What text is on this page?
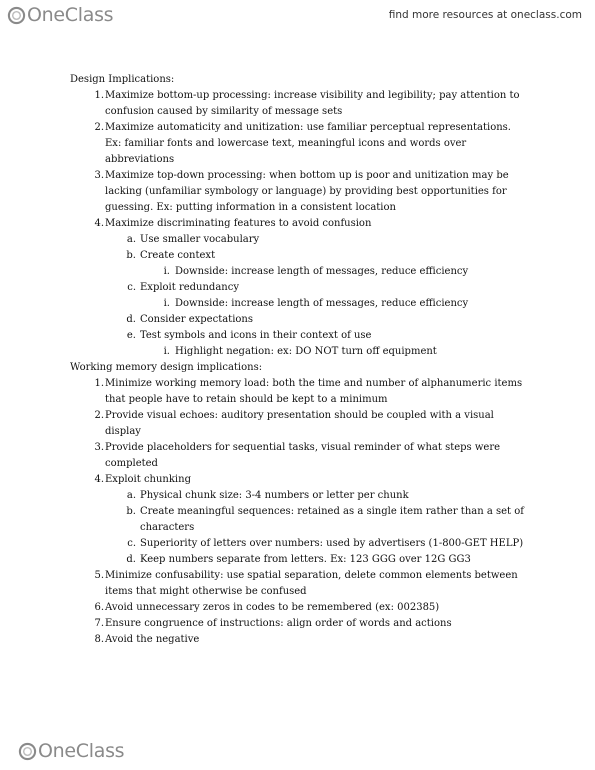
OneClass	find more resources at oneclass.com
Design Implications:
1. Maximize bottom-up processing: increase visibility and legibility; pay attention to confusion caused by similarity of message sets
2. Maximize automaticity and unitization: use familiar perceptual representations. Ex: familiar fonts and lowercase text, meaningful icons and words over abbreviations
3. Maximize top-down processing: when bottom up is poor and unitization may be lacking (unfamiliar symbology or language) by providing best opportunities for guessing. Ex: putting information in a consistent location
4. Maximize discriminating features to avoid confusion
a. Use smaller vocabulary
b. Create context
i. Downside: increase length of messages, reduce efficiency
c. Exploit redundancy
i. Downside: increase length of messages, reduce efficiency
d. Consider expectations
e. Test symbols and icons in their context of use
i. Highlight negation: ex: DO NOT turn off equipment
Working memory design implications:
1. Minimize working memory load: both the time and number of alphanumeric items that people have to retain should be kept to a minimum
2. Provide visual echoes: auditory presentation should be coupled with a visual display
3. Provide placeholders for sequential tasks, visual reminder of what steps were completed
4. Exploit chunking
a. Physical chunk size: 3-4 numbers or letter per chunk
b. Create meaningful sequences: retained as a single item rather than a set of characters
c. Superiority of letters over numbers: used by advertisers (1-800-GET HELP)
d. Keep numbers separate from letters. Ex: 123 GGG over 12G GG3
5. Minimize confusability: use spatial separation, delete common elements between items that might otherwise be confused
6. Avoid unnecessary zeros in codes to be remembered (ex: 002385)
7. Ensure congruence of instructions: align order of words and actions
8. Avoid the negative
OneClass
